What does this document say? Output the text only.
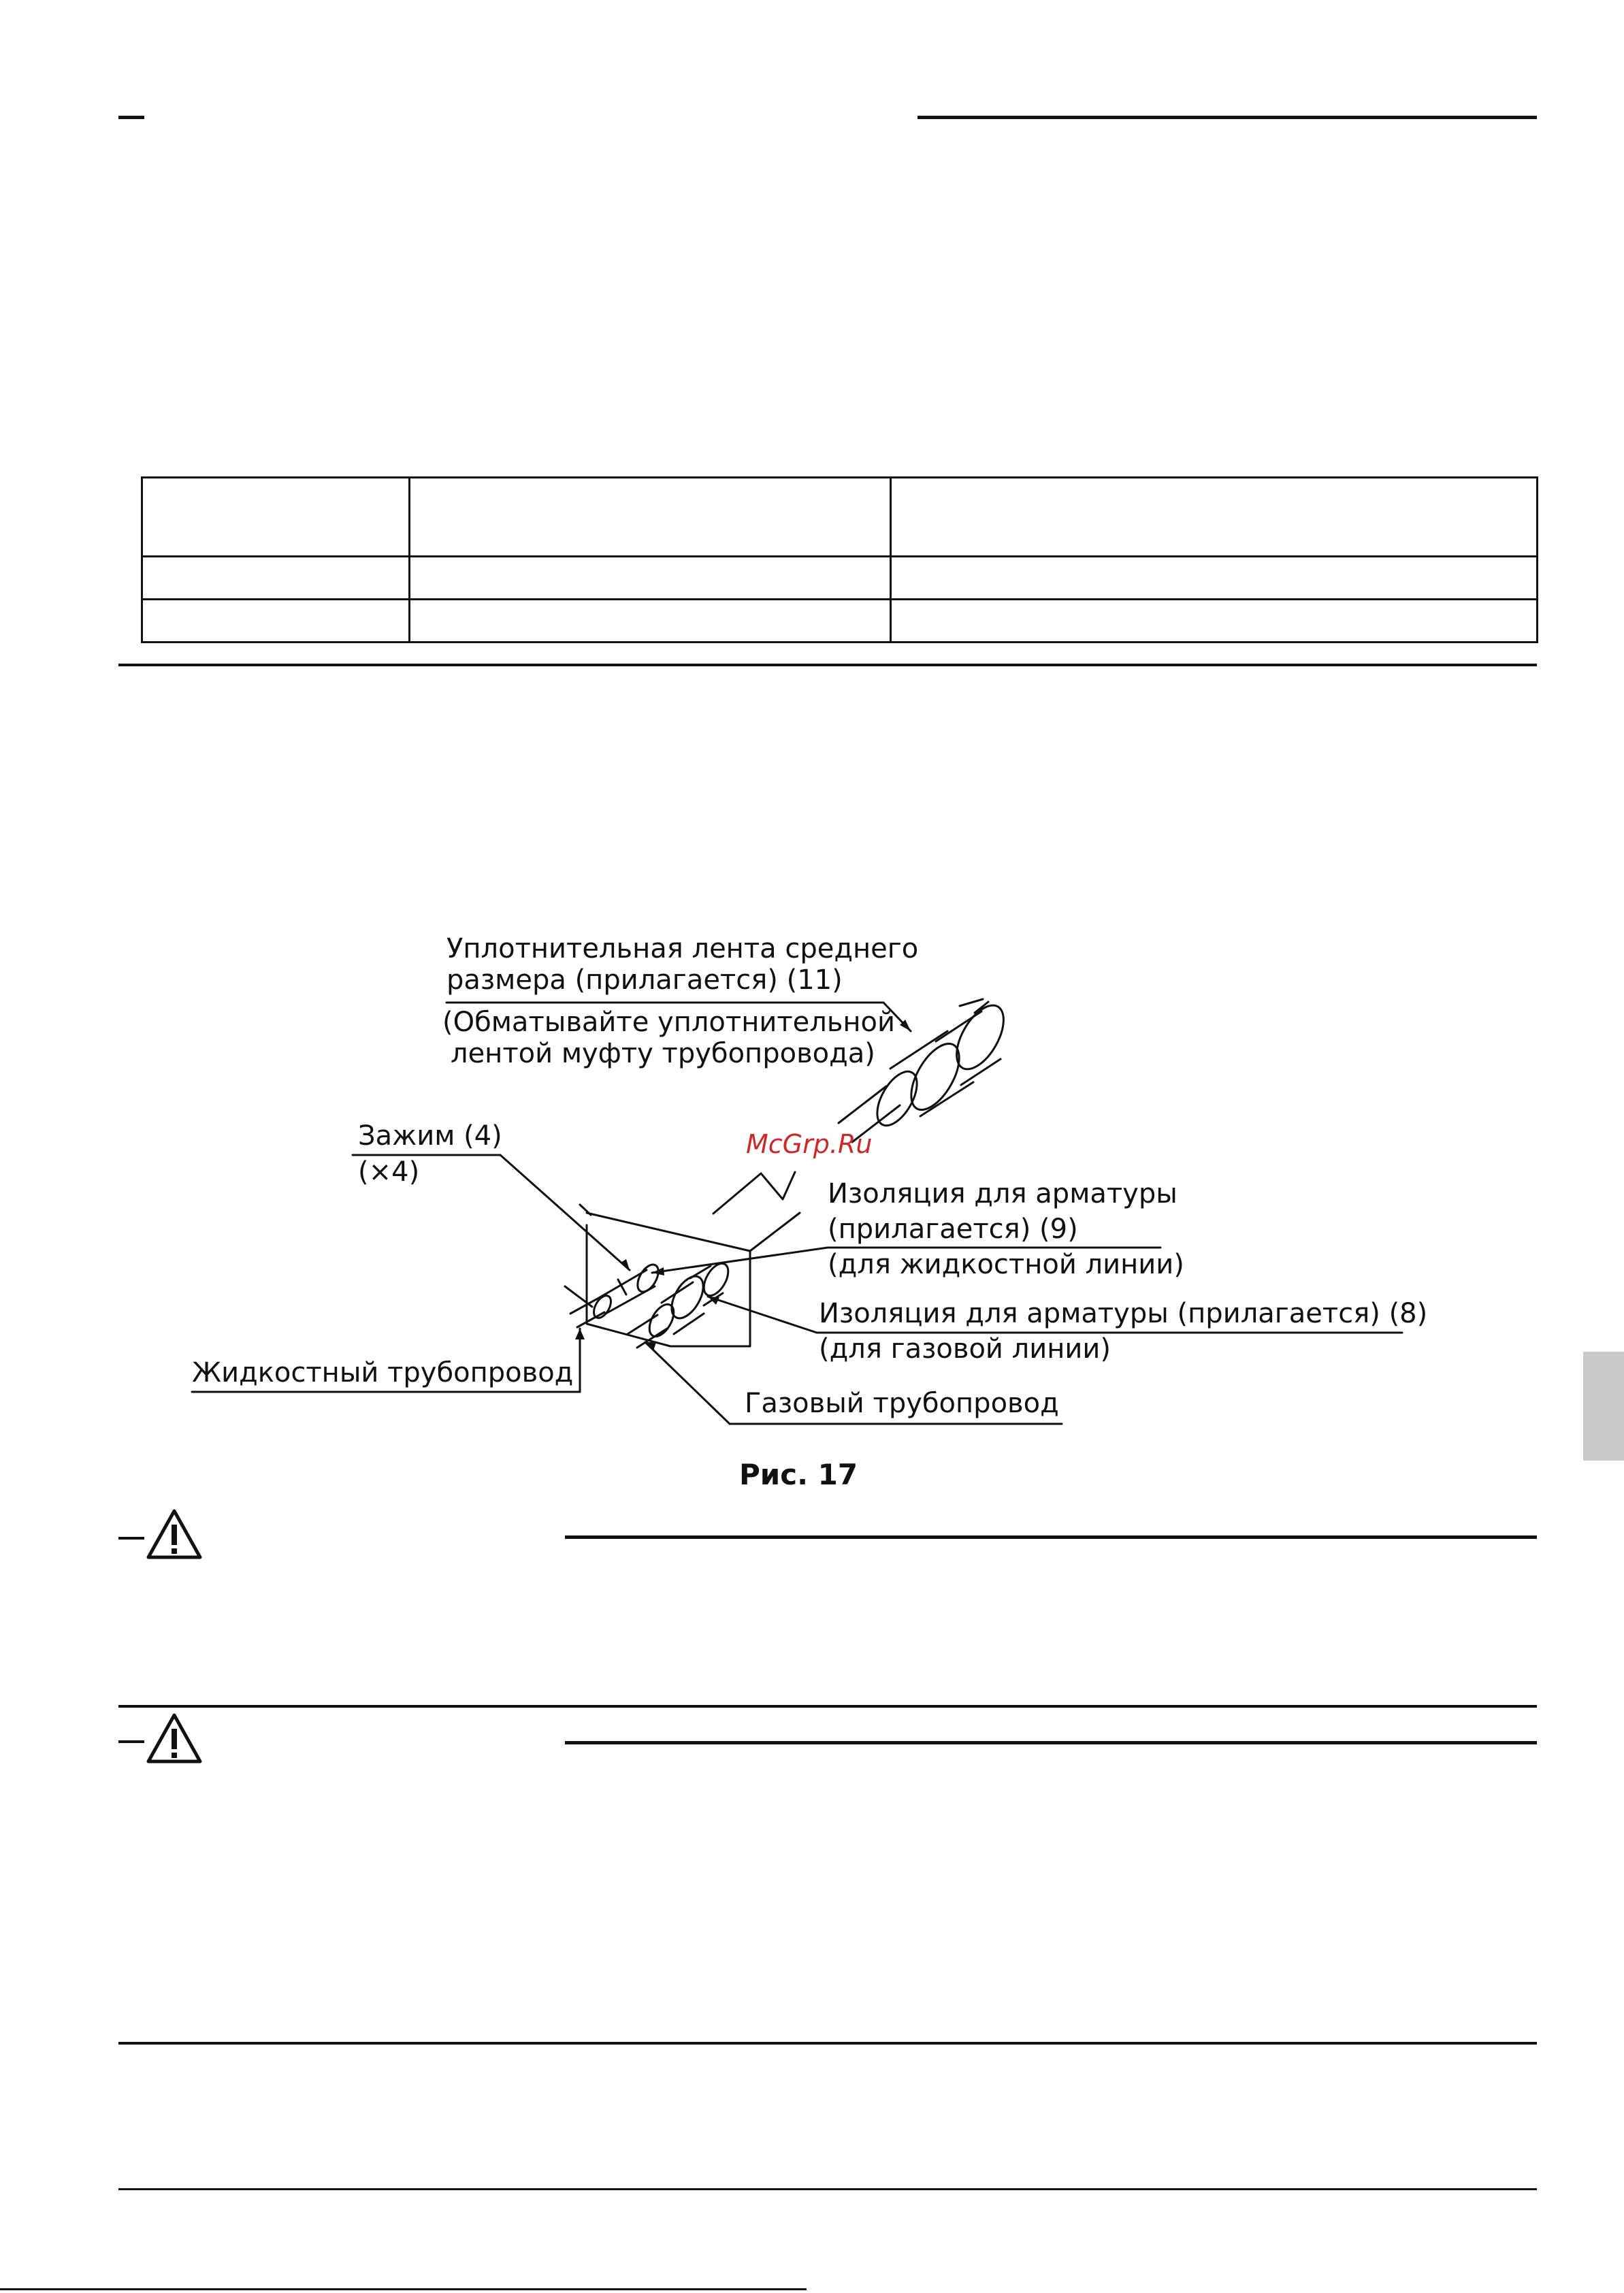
Уплотнительная лента среднего
размера (прилагается) (11)
(Обматывайте уплотнительной
лентой муфту трубопровода)
Зажим (4)
(×4)
Изоляция для арматуры
(прилагается) (9)
(для жидкостной линии)
Изоляция для арматуры (прилагается) (8)
(для газовой линии)
Жидкостный трубопровод
Газовый трубопровод
McGrp.Ru
Рис. 17
